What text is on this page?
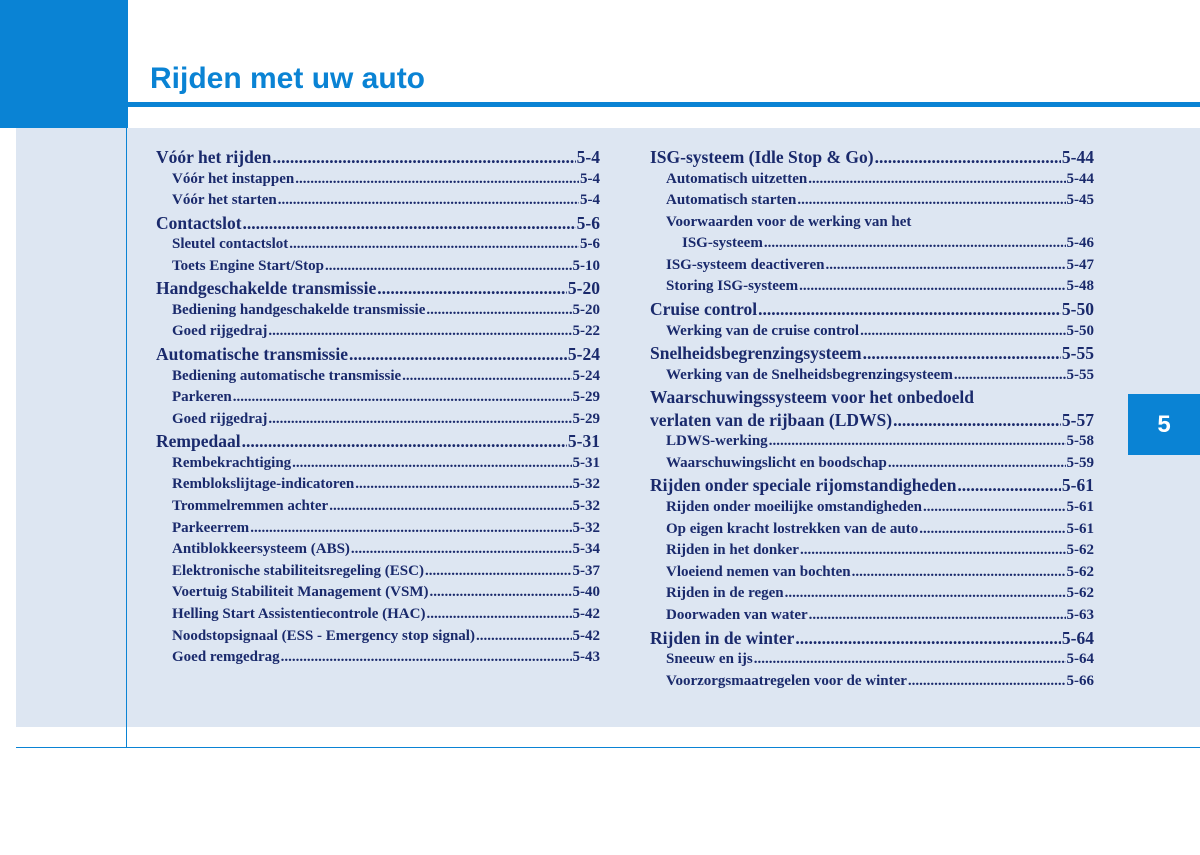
Rijden met uw auto
5
Vóór het rijden .....	5-4
Vóór het instappen .....	5-4
Vóór het starten .....	5-4
Contactslot .....	5-6
Sleutel contactslot .....	5-6
Toets Engine Start/Stop .....	5-10
Handgeschakelde transmissie .....	5-20
Bediening handgeschakelde transmissie .....	5-20
Goed rijgedraj .....	5-22
Automatische transmissie .....	5-24
Bediening automatische transmissie .....	5-24
Parkeren .....	5-29
Goed rijgedraj .....	5-29
Rempedaal .....	5-31
Rembekrachtiging .....	5-31
Remblokslijtage-indicatoren .....	5-32
Trommelremmen achter .....	5-32
Parkeerrem .....	5-32
Antiblokkeersysteem (ABS) .....	5-34
Elektronische stabiliteitsregeling (ESC) .....	5-37
Voertuig Stabiliteit Management (VSM) .....	5-40
Helling Start Assistentiecontrole (HAC) .....	5-42
Noodstopsignaal (ESS - Emergency stop signal) .....	5-42
Goed remgedrag .....	5-43
ISG-systeem (Idle Stop & Go) .....	5-44
Automatisch uitzetten .....	5-44
Automatisch starten .....	5-45
Voorwaarden voor de werking van het
ISG-systeem .....	5-46
ISG-systeem deactiveren .....	5-47
Storing ISG-systeem .....	5-48
Cruise control .....	5-50
Werking van de cruise control .....	5-50
Snelheidsbegrenzingsysteem .....	5-55
Werking van de Snelheidsbegrenzingsysteem .....	5-55
Waarschuwingssysteem voor het onbedoeld
verlaten van de rijbaan (LDWS) .....	5-57
LDWS-werking .....	5-58
Waarschuwingslicht en boodschap .....	5-59
Rijden onder speciale rijomstandigheden .....	5-61
Rijden onder moeilijke omstandigheden .....	5-61
Op eigen kracht lostrekken van de auto .....	5-61
Rijden in het donker .....	5-62
Vloeiend nemen van bochten .....	5-62
Rijden in de regen .....	5-62
Doorwaden van water .....	5-63
Rijden in de winter .....	5-64
Sneeuw en ijs .....	5-64
Voorzorgsmaatregelen voor de winter .....	5-66
